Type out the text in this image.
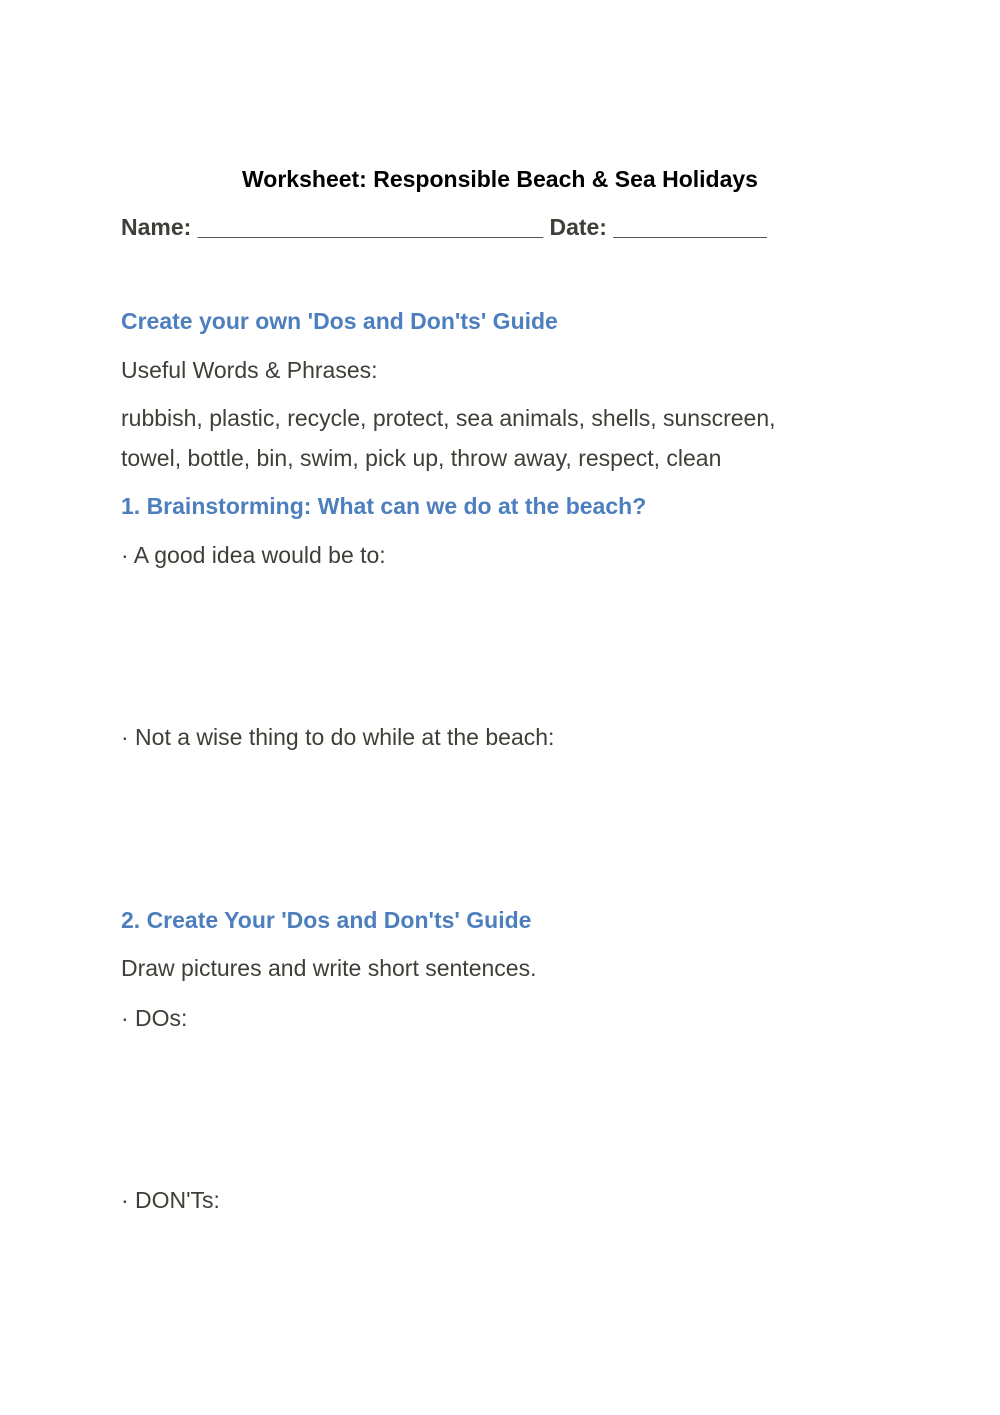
Worksheet: Responsible Beach & Sea Holidays
Name: ___________________________ Date: ____________
Create your own 'Dos and Don'ts' Guide
Useful Words & Phrases:
rubbish, plastic, recycle, protect, sea animals, shells, sunscreen,
towel, bottle, bin, swim, pick up, throw away, respect, clean
1. Brainstorming: What can we do at the beach?
· A good idea would be to:
· Not a wise thing to do while at the beach:
2. Create Your 'Dos and Don'ts' Guide
Draw pictures and write short sentences.
· DOs:
· DON'Ts:
